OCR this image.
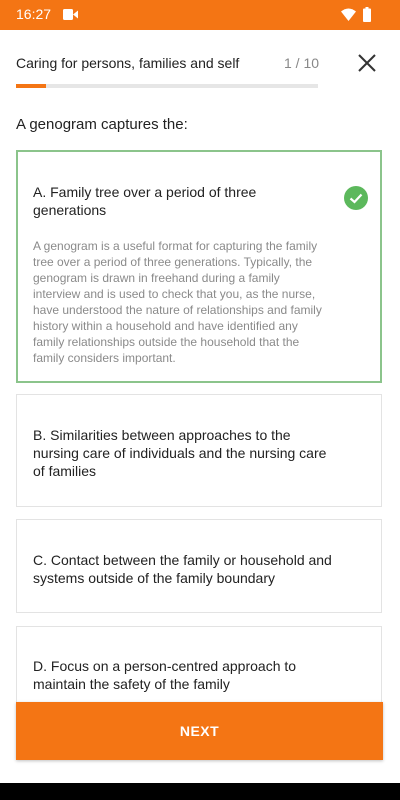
16:27
Caring for persons, families and self	1 / 10
A genogram captures the:
A. Family tree over a period of three generations
A genogram is a useful format for capturing the family tree over a period of three generations. Typically, the genogram is drawn in freehand during a family interview and is used to check that you, as the nurse, have understood the nature of relationships and family history within a household and have identified any family relationships outside the household that the family considers important.
B. Similarities between approaches to the nursing care of individuals and the nursing care of families
C. Contact between the family or household and systems outside of the family boundary
D. Focus on a person-centred approach to maintain the safety of the family
NEXT
